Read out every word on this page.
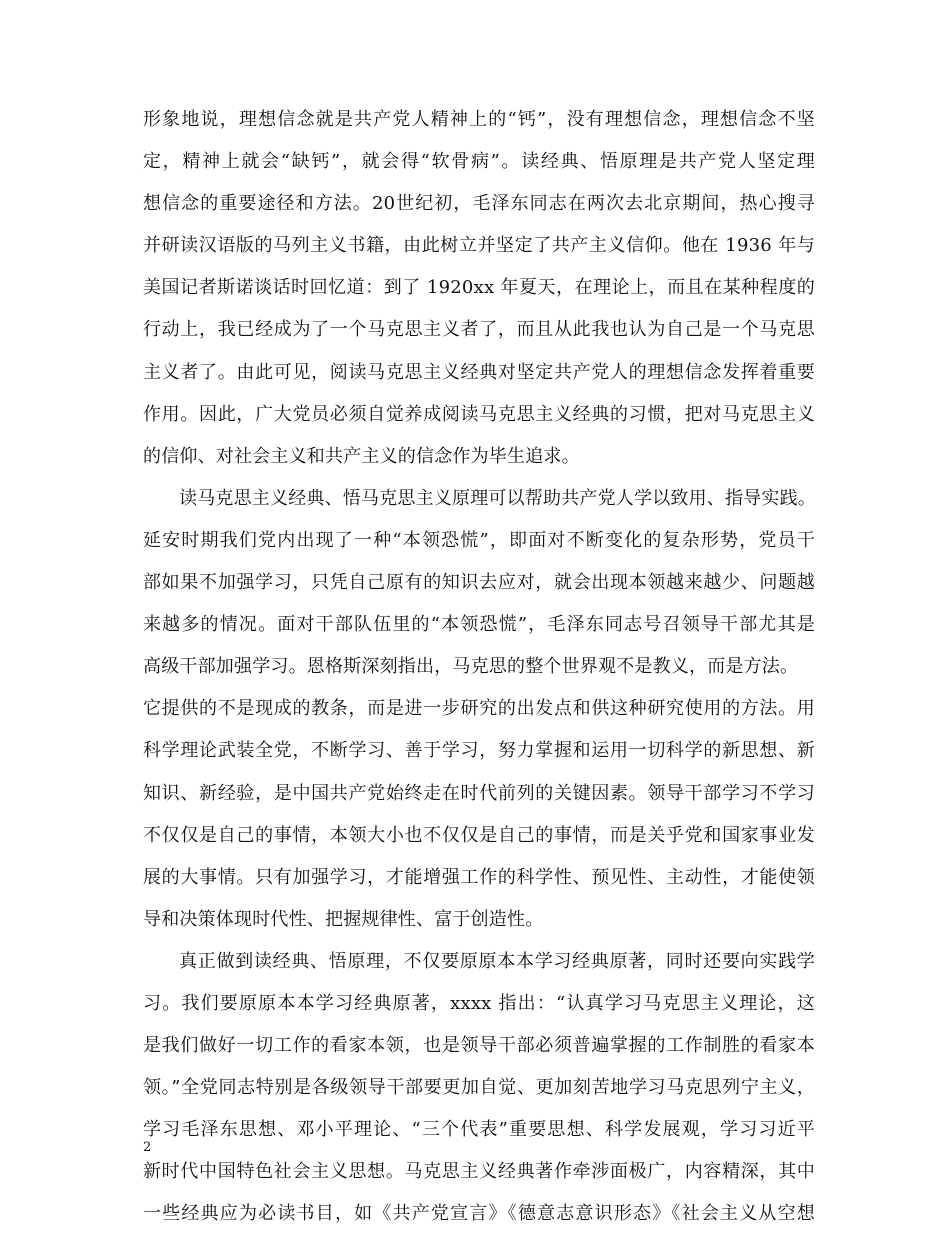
形象地说，理想信念就是共产党人精神上的“钙”，没有理想信念，理想信念不坚
定，精神上就会“缺钙”，就会得“软骨病”。读经典、悟原理是共产党人坚定理
想信念的重要途径和方法。20世纪初，毛泽东同志在两次去北京期间，热心搜寻
并研读汉语版的马列主义书籍，由此树立并坚定了共产主义信仰。他在 1936 年与
美国记者斯诺谈话时回忆道：到了 1920xx 年夏天，在理论上，而且在某种程度的
行动上，我已经成为了一个马克思主义者了，而且从此我也认为自己是一个马克思
主义者了。由此可见，阅读马克思主义经典对坚定共产党人的理想信念发挥着重要
作用。因此，广大党员必须自觉养成阅读马克思主义经典的习惯，把对马克思主义
的信仰、对社会主义和共产主义的信念作为毕生追求。
读马克思主义经典、悟马克思主义原理可以帮助共产党人学以致用、指导实践。
延安时期我们党内出现了一种“本领恐慌”，即面对不断变化的复杂形势，党员干
部如果不加强学习，只凭自己原有的知识去应对，就会出现本领越来越少、问题越
来越多的情况。面对干部队伍里的“本领恐慌”，毛泽东同志号召领导干部尤其是
高级干部加强学习。恩格斯深刻指出，马克思的整个世界观不是教义，而是方法。
它提供的不是现成的教条，而是进一步研究的出发点和供这种研究使用的方法。用
科学理论武装全党，不断学习、善于学习，努力掌握和运用一切科学的新思想、新
知识、新经验，是中国共产党始终走在时代前列的关键因素。领导干部学习不学习
不仅仅是自己的事情，本领大小也不仅仅是自己的事情，而是关乎党和国家事业发
展的大事情。只有加强学习，才能增强工作的科学性、预见性、主动性，才能使领
导和决策体现时代性、把握规律性、富于创造性。
真正做到读经典、悟原理，不仅要原原本本学习经典原著，同时还要向实践学
习。我们要原原本本学习经典原著，xxxx 指出：“认真学习马克思主义理论，这
是我们做好一切工作的看家本领，也是领导干部必须普遍掌握的工作制胜的看家本
领。”全党同志特别是各级领导干部要更加自觉、更加刻苦地学习马克思列宁主义，
学习毛泽东思想、邓小平理论、“三个代表”重要思想、科学发展观，学习习近平
新时代中国特色社会主义思想。马克思主义经典著作牵涉面极广，内容精深，其中
一些经典应为必读书目，如《共产党宣言》《德意志意识形态》《社会主义从空想
2
